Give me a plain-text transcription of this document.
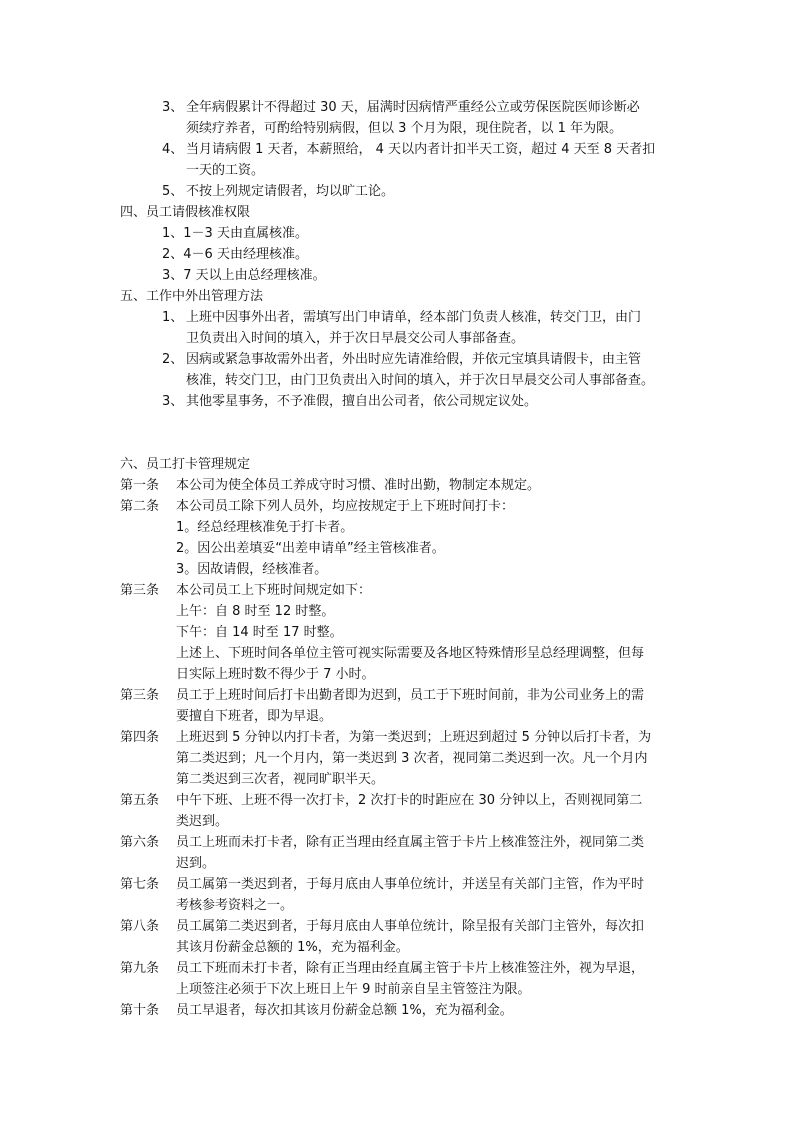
3、 全年病假累计不得超过 30 天，届满时因病情严重经公立或劳保医院医师诊断必
须续疗养者，可酌给特别病假，但以 3 个月为限，现住院者，以 1 年为限。
4、 当月请病假 1 天者，本薪照给， 4 天以内者计扣半天工资，超过 4 天至 8 天者扣
一天的工资。
5、 不按上列规定请假者，均以旷工论。
四、员工请假核准权限
1、1－3 天由直属核准。
2、4－6 天由经理核准。
3、7 天以上由总经理核准。
五、工作中外出管理方法
1、 上班中因事外出者，需填写出门申请单，经本部门负责人核准，转交门卫，由门
卫负责出入时间的填入，并于次日早晨交公司人事部备查。
2、 因病或紧急事故需外出者，外出时应先请准给假，并依元宝填具请假卡，由主管
核准，转交门卫，由门卫负责出入时间的填入，并于次日早晨交公司人事部备查。
3、 其他零星事务，不予准假，擅自出公司者，依公司规定议处。
六、员工打卡管理规定
第一条 本公司为使全体员工养成守时习惯、准时出勤，物制定本规定。
第二条 本公司员工除下列人员外，均应按规定于上下班时间打卡：
1。经总经理核准免于打卡者。
2。因公出差填妥“出差申请单”经主管核准者。
3。因故请假，经核准者。
第三条 本公司员工上下班时间规定如下：
上午：自 8 时至 12 时整。
下午：自 14 时至 17 时整。
上述上、下班时间各单位主管可视实际需要及各地区特殊情形呈总经理调整，但每
日实际上班时数不得少于 7 小时。
第三条 员工于上班时间后打卡出勤者即为迟到，员工于下班时间前，非为公司业务上的需
要擅自下班者，即为早退。
第四条 上班迟到 5 分钟以内打卡者，为第一类迟到；上班迟到超过 5 分钟以后打卡者，为
第二类迟到；凡一个月内，第一类迟到 3 次者，视同第二类迟到一次。凡一个月内
第二类迟到三次者，视同旷职半天。
第五条 中午下班、上班不得一次打卡，2 次打卡的时距应在 30 分钟以上，否则视同第二
类迟到。
第六条 员工上班而未打卡者，除有正当理由经直属主管于卡片上核准签注外，视同第二类
迟到。
第七条 员工属第一类迟到者，于每月底由人事单位统计，并送呈有关部门主管，作为平时
考核参考资料之一。
第八条 员工属第二类迟到者，于每月底由人事单位统计，除呈报有关部门主管外，每次扣
其该月份薪金总额的 1%，充为福利金。
第九条 员工下班而未打卡者，除有正当理由经直属主管于卡片上核准签注外，视为早退，
上项签注必须于下次上班日上午 9 时前亲自呈主管签注为限。
第十条 员工早退者，每次扣其该月份薪金总额 1%，充为福利金。
